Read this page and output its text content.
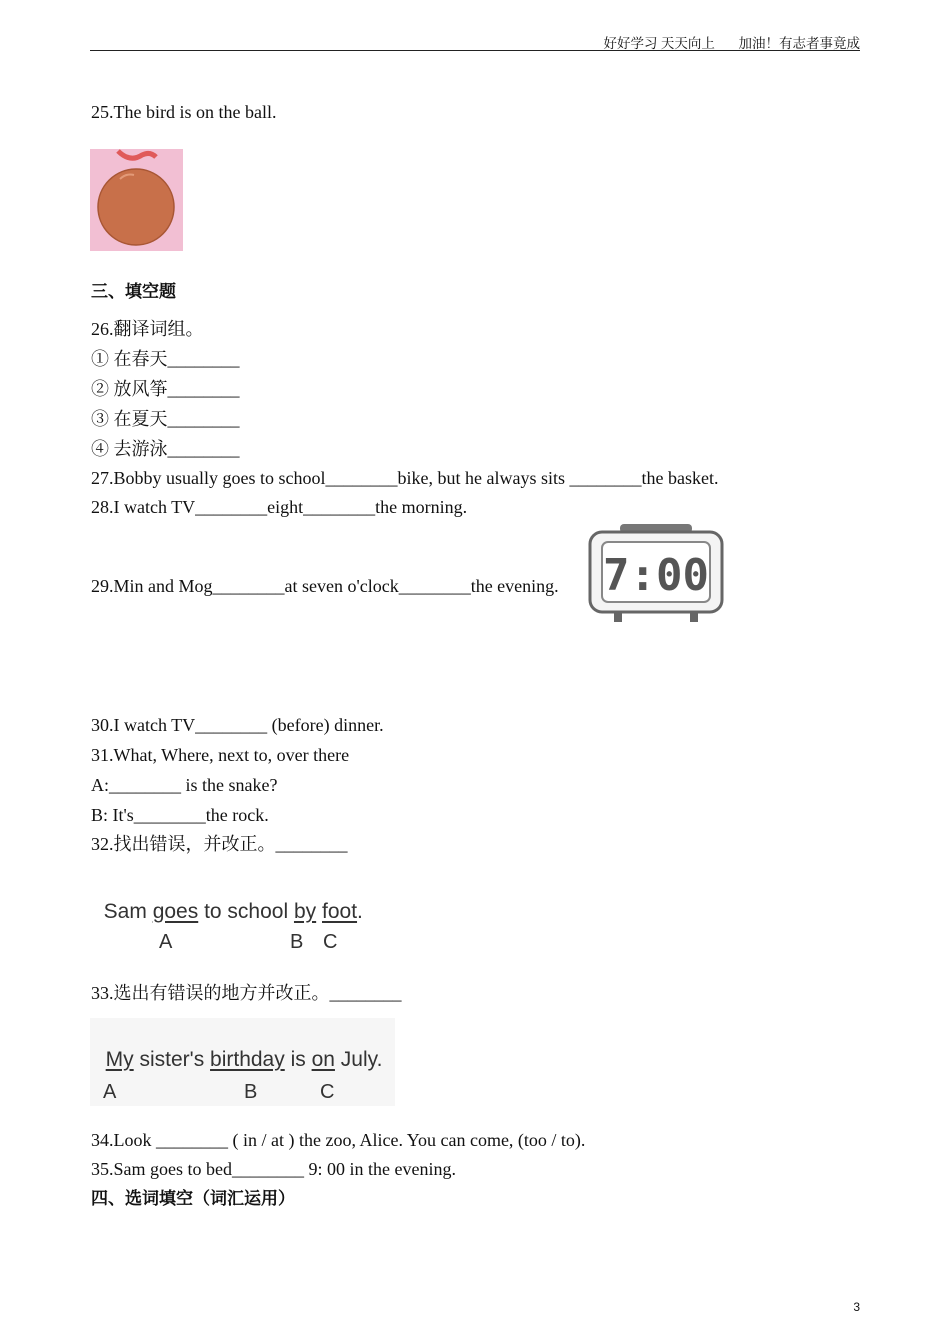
好好学习 天天向上       加油！有志者事竟成
25.The bird is on the ball.
三、填空题
26.翻译词组。
① 在春天________
② 放风筝________
③ 在夏天________
④ 去游泳________
27.Bobby usually goes to school________bike, but he always sits ________the basket.
28.I watch TV________eight________the morning.
29.Min and Mog________at seven o'clock________the evening. 7:00
30.I watch TV________ (before) dinner.
31.What, Where, next to, over there
A:________ is the snake?
B: It's________the rock.
32.找出错误，并改正。________

Sam goes to school by foot.

A	B C
33.选出有错误的地方并改正。________

My sister's birthday is on July.

A	B	C
34.Look ________ ( in / at ) the zoo, Alice. You can come, (too / to).
35.Sam goes to bed________ 9: 00 in the evening.
四、选词填空（词汇运用）
3
